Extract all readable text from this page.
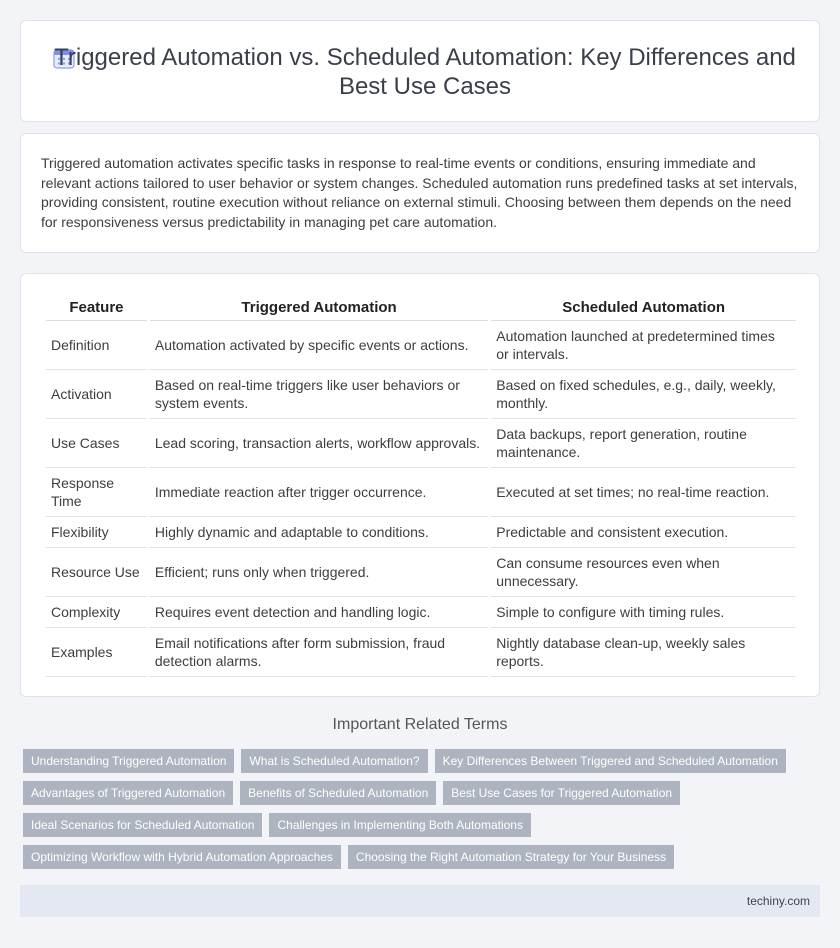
Triggered Automation vs. Scheduled Automation: Key Differences and Best Use Cases

Triggered automation activates specific tasks in response to real-time events or conditions, ensuring immediate and relevant actions tailored to user behavior or system changes. Scheduled automation runs predefined tasks at set intervals, providing consistent, routine execution without reliance on external stimuli. Choosing between them depends on the need for responsiveness versus predictability in managing pet care automation.

Feature	Triggered Automation	Scheduled Automation
Definition	Automation activated by specific events or actions.	Automation launched at predetermined times or intervals.
Activation	Based on real-time triggers like user behaviors or system events.	Based on fixed schedules, e.g., daily, weekly, monthly.
Use Cases	Lead scoring, transaction alerts, workflow approvals.	Data backups, report generation, routine maintenance.
Response Time	Immediate reaction after trigger occurrence.	Executed at set times; no real-time reaction.
Flexibility	Highly dynamic and adaptable to conditions.	Predictable and consistent execution.
Resource Use	Efficient; runs only when triggered.	Can consume resources even when unnecessary.
Complexity	Requires event detection and handling logic.	Simple to configure with timing rules.
Examples	Email notifications after form submission, fraud detection alarms.	Nightly database clean-up, weekly sales reports.
Important Related Terms
Understanding Triggered Automation	What is Scheduled Automation?	Key Differences Between Triggered and Scheduled Automation
Advantages of Triggered Automation	Benefits of Scheduled Automation	Best Use Cases for Triggered Automation
Ideal Scenarios for Scheduled Automation	Challenges in Implementing Both Automations
Optimizing Workflow with Hybrid Automation Approaches	Choosing the Right Automation Strategy for Your Business
techiny.com
